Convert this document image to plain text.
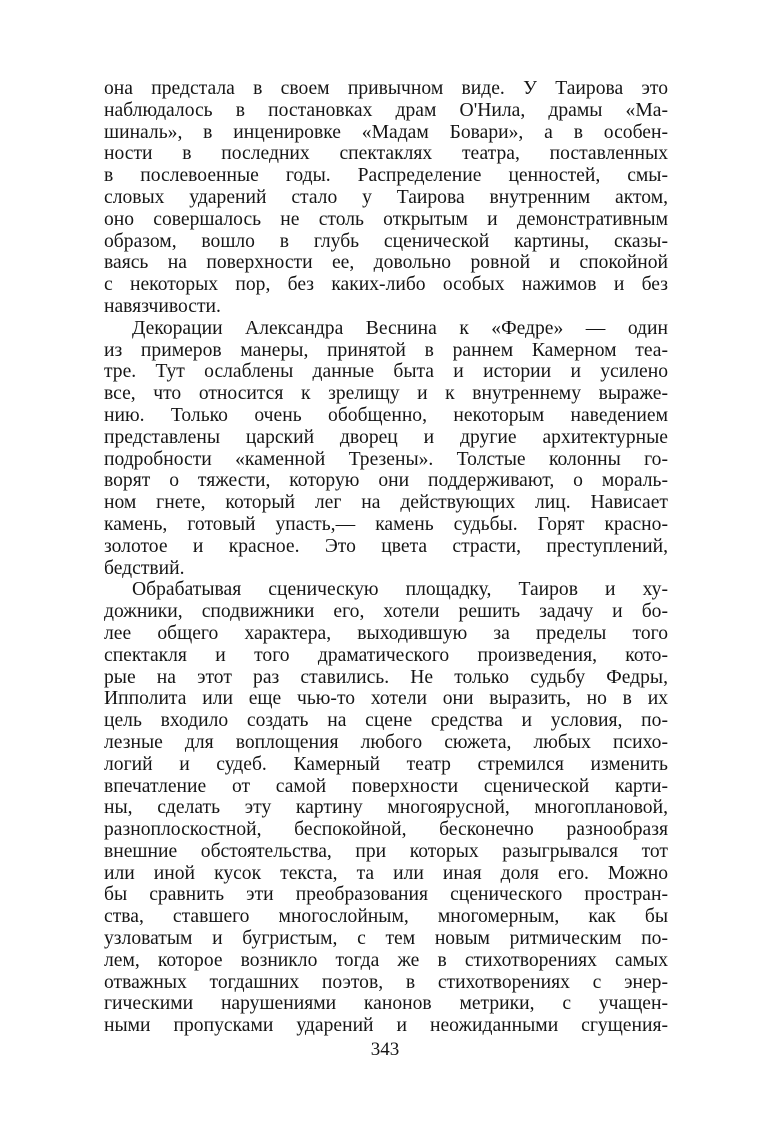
она предстала в своем привычном виде. У Таирова это
наблюдалось в постановках драм О'Нила, драмы «Ма-
шиналь», в инценировке «Мадам Бовари», а в особен-
ности в последних спектаклях театра, поставленных
в послевоенные годы. Распределение ценностей, смы-
словых ударений стало у Таирова внутренним актом,
оно совершалось не столь открытым и демонстративным
образом, вошло в глубь сценической картины, сказы-
ваясь на поверхности ее, довольно ровной и спокойной
с некоторых пор, без каких-либо особых нажимов и без
навязчивости.
Декорации Александра Веснина к «Федре» — один
из примеров манеры, принятой в раннем Камерном теа-
тре. Тут ослаблены данные быта и истории и усилено
все, что относится к зрелищу и к внутреннему выраже-
нию. Только очень обобщенно, некоторым наведением
представлены царский дворец и другие архитектурные
подробности «каменной Трезены». Толстые колонны го-
ворят о тяжести, которую они поддерживают, о мораль-
ном гнете, который лег на действующих лиц. Нависает
камень, готовый упасть,— камень судьбы. Горят красно-
золотое и красное. Это цвета страсти, преступлений,
бедствий.
Обрабатывая сценическую площадку, Таиров и ху-
дожники, сподвижники его, хотели решить задачу и бо-
лее общего характера, выходившую за пределы того
спектакля и того драматического произведения, кото-
рые на этот раз ставились. Не только судьбу Федры,
Ипполита или еще чью-то хотели они выразить, но в их
цель входило создать на сцене средства и условия, по-
лезные для воплощения любого сюжета, любых психо-
логий и судеб. Камерный театр стремился изменить
впечатление от самой поверхности сценической карти-
ны, сделать эту картину многоярусной, многоплановой,
разноплоскостной, беспокойной, бесконечно разнообразя
внешние обстоятельства, при которых разыгрывался тот
или иной кусок текста, та или иная доля его. Можно
бы сравнить эти преобразования сценического простран-
ства, ставшего многослойным, многомерным, как бы
узловатым и бугристым, с тем новым ритмическим по-
лем, которое возникло тогда же в стихотворениях самых
отважных тогдашних поэтов, в стихотворениях с энер-
гическими нарушениями канонов метрики, с учащен-
ными пропусками ударений и неожиданными сгущения-
343
